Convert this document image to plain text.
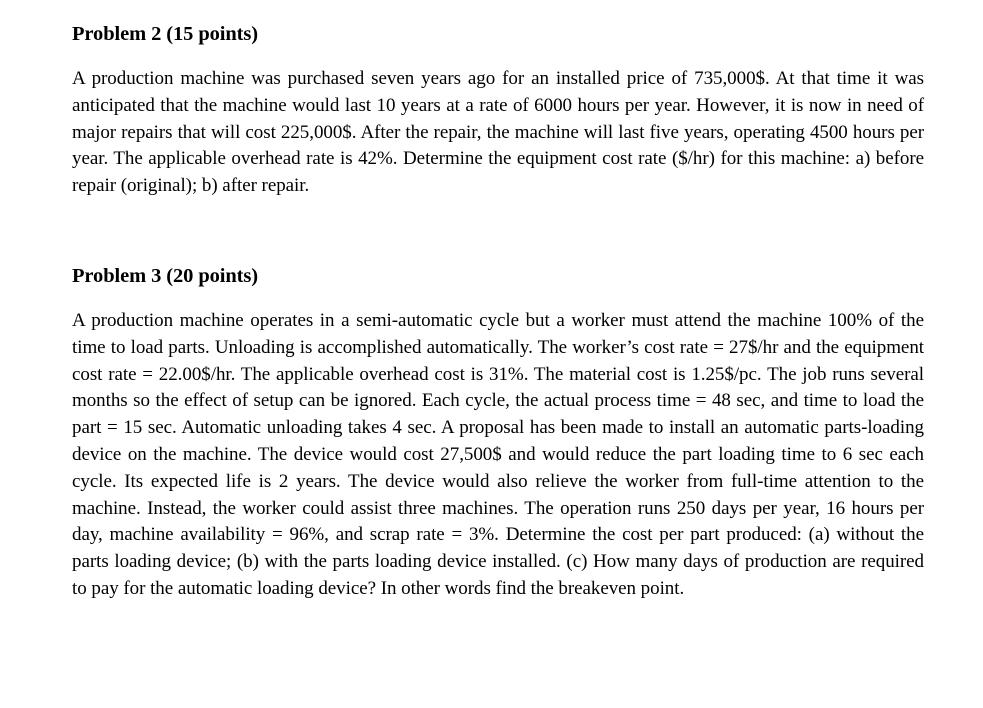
Problem 2 (15 points)

A production machine was purchased seven years ago for an installed price of 735,000$. At that time it was anticipated that the machine would last 10 years at a rate of 6000 hours per year. However, it is now in need of major repairs that will cost 225,000$. After the repair, the machine will last five years, operating 4500 hours per year. The applicable overhead rate is 42%. Determine the equipment cost rate ($/hr) for this machine: a) before repair (original); b) after repair.

Problem 3 (20 points)

A production machine operates in a semi-automatic cycle but a worker must attend the machine 100% of the time to load parts. Unloading is accomplished automatically. The worker’s cost rate = 27$/hr and the equipment cost rate = 22.00$/hr. The applicable overhead cost is 31%. The material cost is 1.25$/pc. The job runs several months so the effect of setup can be ignored. Each cycle, the actual process time = 48 sec, and time to load the part = 15 sec. Automatic unloading takes 4 sec. A proposal has been made to install an automatic parts-loading device on the machine. The device would cost 27,500$ and would reduce the part loading time to 6 sec each cycle. Its expected life is 2 years. The device would also relieve the worker from full-time attention to the machine. Instead, the worker could assist three machines. The operation runs 250 days per year, 16 hours per day, machine availability = 96%, and scrap rate = 3%. Determine the cost per part produced: (a) without the parts loading device; (b) with the parts loading device installed. (c) How many days of production are required to pay for the automatic loading device? In other words find the breakeven point.
